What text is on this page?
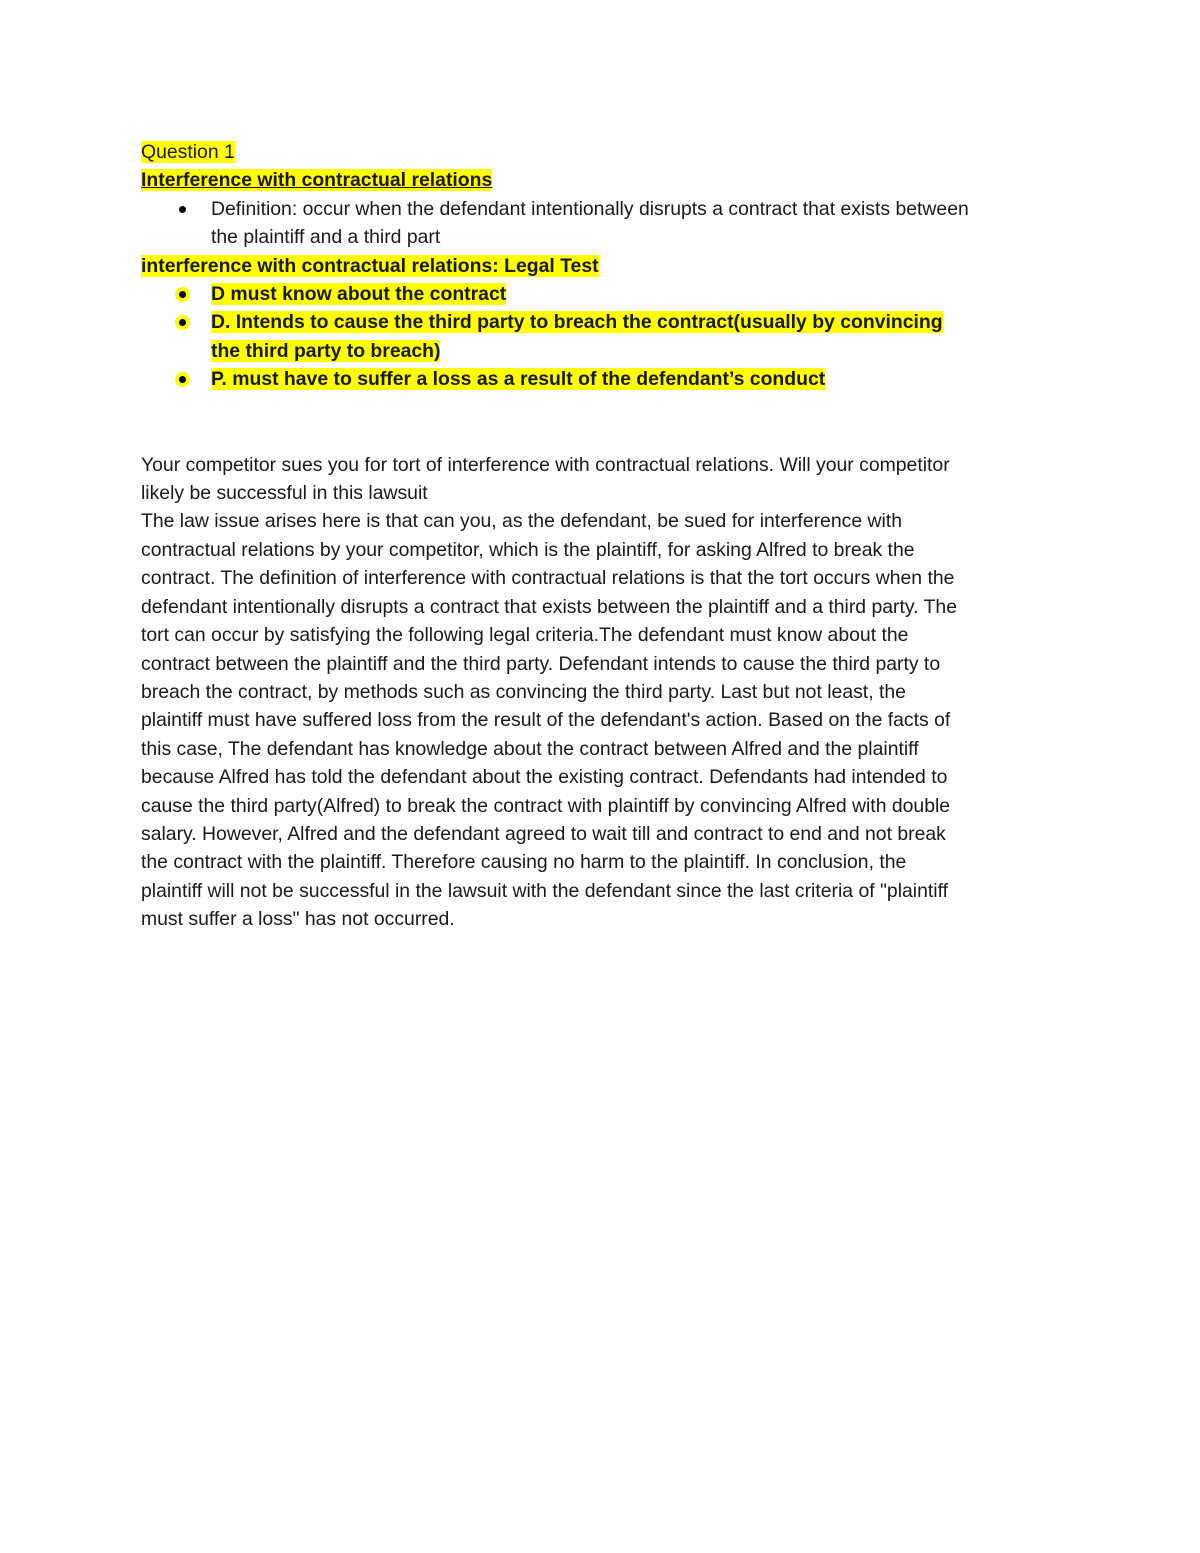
Question 1
Interference with contractual relations
Definition: occur when the defendant intentionally disrupts a contract that exists between
the plaintiff and a third part
interference with contractual relations: Legal Test
D must know about the contract
D. Intends to cause the third party to breach the contract(usually by convincing
the third party to breach)
P. must have to suffer a loss as a result of the defendant’s conduct
Your competitor sues you for tort of interference with contractual relations. Will your competitor
likely be successful in this lawsuit
The law issue arises here is that can you, as the defendant, be sued for interference with
contractual relations by your competitor, which is the plaintiff, for asking Alfred to break the
contract. The definition of interference with contractual relations is that the tort occurs when the
defendant intentionally disrupts a contract that exists between the plaintiff and a third party. The
tort can occur by satisfying the following legal criteria.The defendant must know about the
contract between the plaintiff and the third party. Defendant intends to cause the third party to
breach the contract, by methods such as convincing the third party. Last but not least, the
plaintiff must have suffered loss from the result of the defendant's action. Based on the facts of
this case, The defendant has knowledge about the contract between Alfred and the plaintiff
because Alfred has told the defendant about the existing contract. Defendants had intended to
cause the third party(Alfred) to break the contract with plaintiff by convincing Alfred with double
salary. However, Alfred and the defendant agreed to wait till and contract to end and not break
the contract with the plaintiff. Therefore causing no harm to the plaintiff. In conclusion, the
plaintiff will not be successful in the lawsuit with the defendant since the last criteria of "plaintiff
must suffer a loss" has not occurred.
